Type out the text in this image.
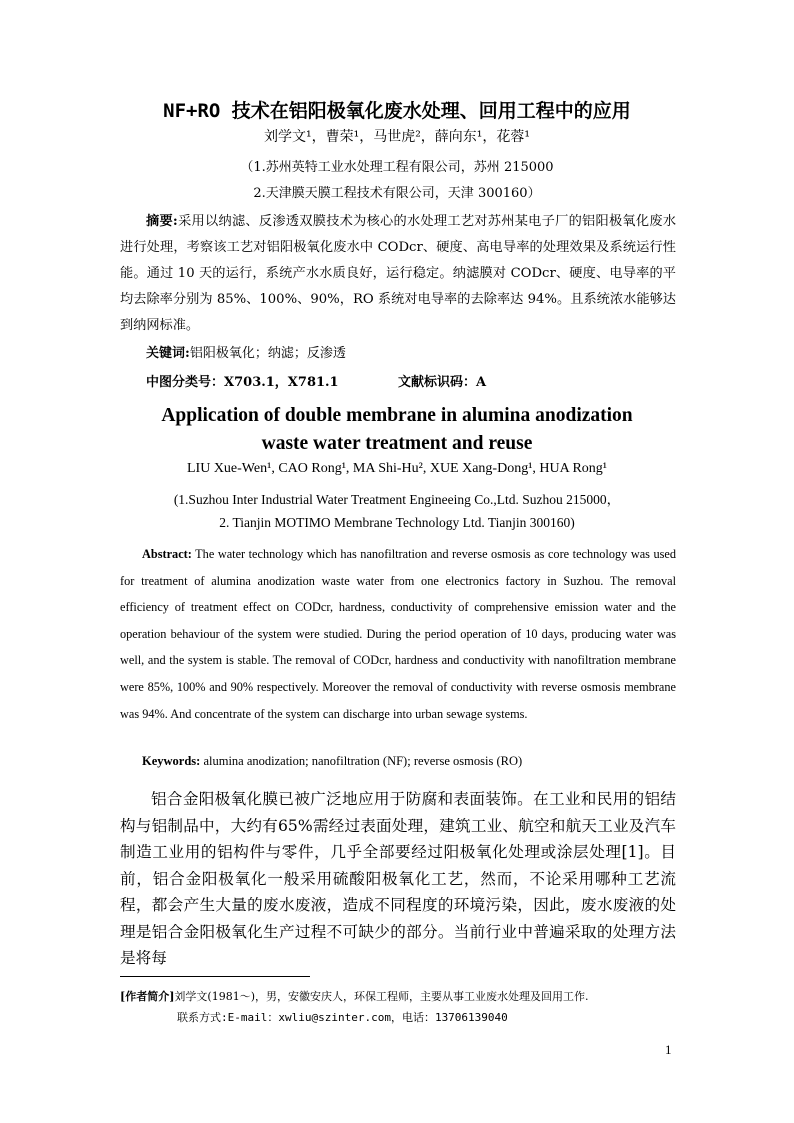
NF+RO 技术在铝阳极氧化废水处理、回用工程中的应用
刘学文¹，曹荣¹，马世虎²，薛向东¹，花蓉¹
（1.苏州英特工业水处理工程有限公司，苏州 215000
2.天津膜天膜工程技术有限公司，天津 300160）
摘要:采用以纳滤、反渗透双膜技术为核心的水处理工艺对苏州某电子厂的铝阳极氧化废水进行处理，考察该工艺对铝阳极氧化废水中 CODcr、硬度、高电导率的处理效果及系统运行性能。通过 10 天的运行，系统产水水质良好，运行稳定。纳滤膜对 CODcr、硬度、电导率的平均去除率分别为 85%、100%、90%，RO 系统对电导率的去除率达 94%。且系统浓水能够达到纳网标准。
关键词:铝阳极氧化；纳滤；反渗透
中图分类号：X703.1，X781.1	文献标识码：A
Application of double membrane in alumina anodization
waste water treatment and reuse
LIU Xue-Wen¹, CAO Rong¹, MA Shi-Hu², XUE Xang-Dong¹, HUA Rong¹
(1.Suzhou Inter Industrial Water Treatment Engineeing Co.,Ltd. Suzhou 215000，
2. Tianjin MOTIMO Membrane Technology Ltd. Tianjin 300160)
Abstract: The water technology which has nanofiltration and reverse osmosis as core technology was used for treatment of alumina anodization waste water from one electronics factory in Suzhou. The removal efficiency of treatment effect on CODcr, hardness, conductivity of comprehensive emission water and the operation behaviour of the system were studied. During the period operation of 10 days, producing water was well, and the system is stable. The removal of CODcr, hardness and conductivity with nanofiltration membrane were 85%, 100% and 90% respectively. Moreover the removal of conductivity with reverse osmosis membrane was 94%. And concentrate of the system can discharge into urban sewage systems.
Keywords: alumina anodization; nanofiltration (NF); reverse osmosis (RO)
铝合金阳极氧化膜已被广泛地应用于防腐和表面装饰。在工业和民用的铝结构与铝制品中，大约有65%需经过表面处理，建筑工业、航空和航天工业及汽车制造工业用的铝构件与零件，几乎全部要经过阳极氧化处理或涂层处理[1]。目前，铝合金阳极氧化一般采用硫酸阳极氧化工艺，然而，不论采用哪种工艺流程，都会产生大量的废水废液，造成不同程度的环境污染，因此，废水废液的处理是铝合金阳极氧化生产过程不可缺少的部分。当前行业中普遍采取的处理方法是将每
[作者简介]刘学文(1981～)，男，安徽安庆人，环保工程师，主要从事工业废水处理及回用工作.
联系方式:E-mail：xwliu@szinter.com，电话：13706139040
1
